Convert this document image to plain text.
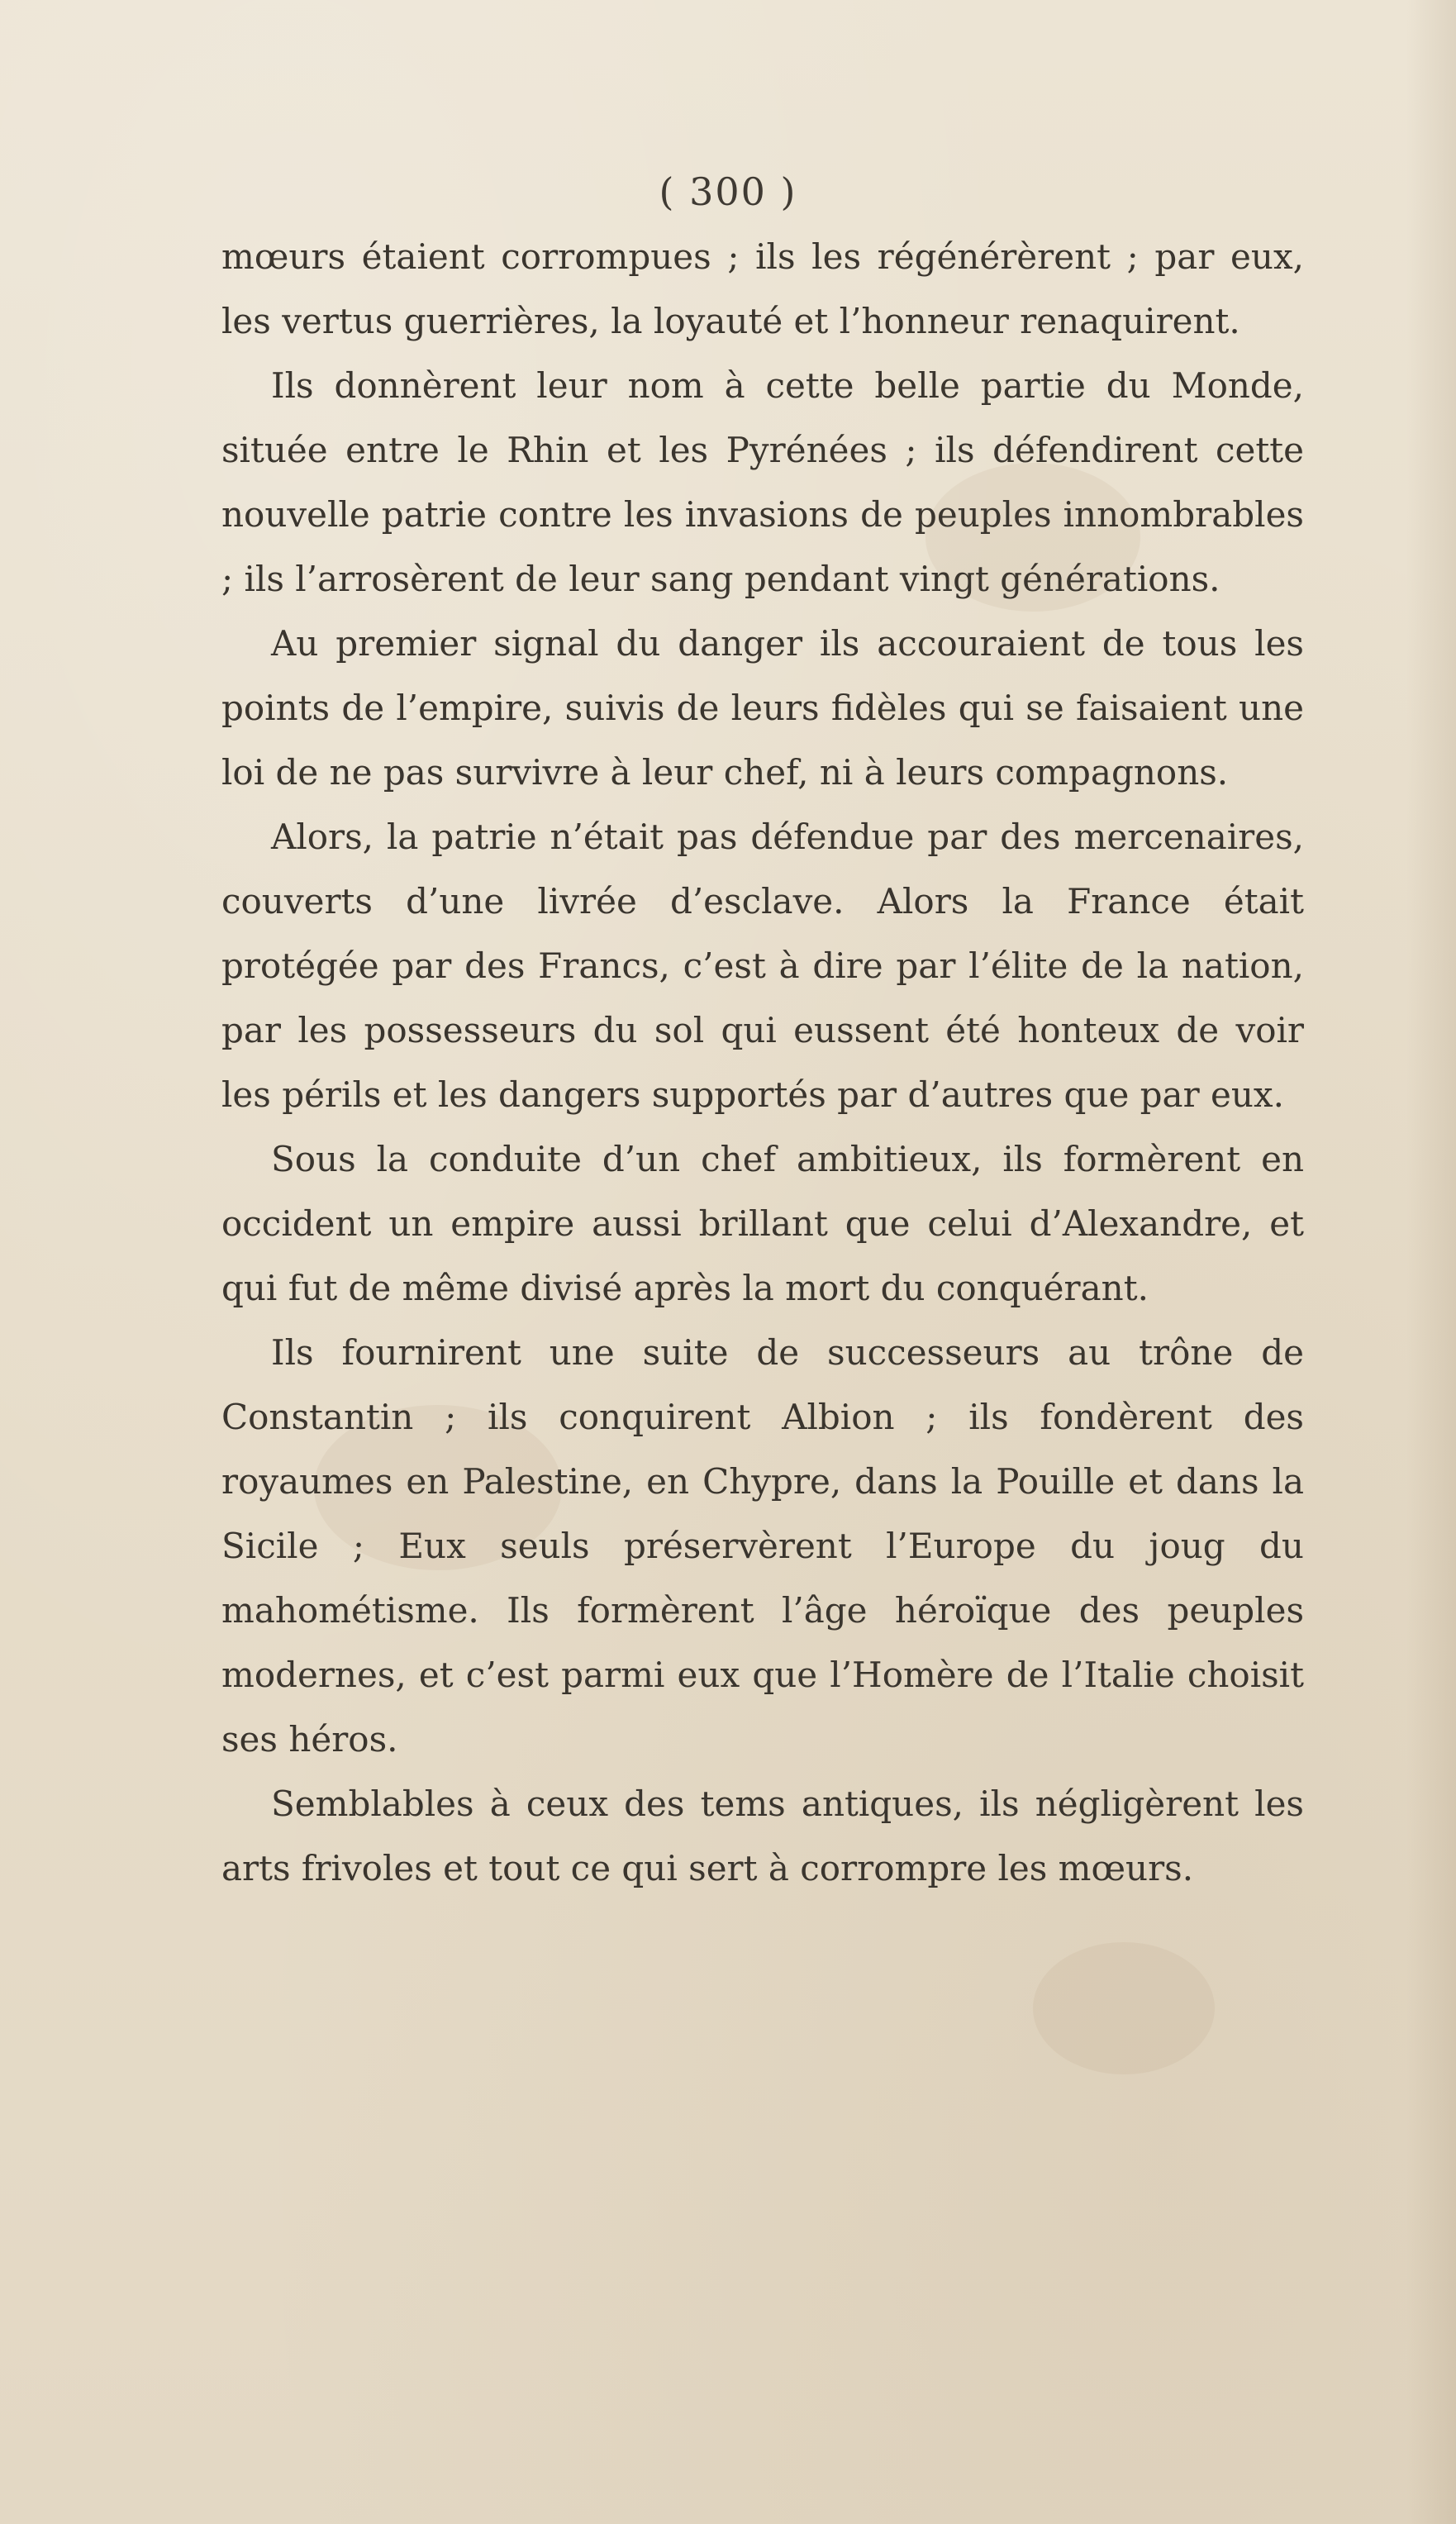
( 300 )

mœurs étaient corrompues ; ils les régénérèrent ; par eux, les vertus guerrières, la loyauté et l’honneur renaquirent.

Ils donnèrent leur nom à cette belle partie du Monde, située entre le Rhin et les Pyrénées ; ils défendirent cette nouvelle patrie contre les invasions de peuples innombrables ; ils l’arrosèrent de leur sang pendant vingt générations.

Au premier signal du danger ils accouraient de tous les points de l’empire, suivis de leurs fidèles qui se faisaient une loi de ne pas survivre à leur chef, ni à leurs compagnons.

Alors, la patrie n’était pas défendue par des mercenaires, couverts d’une livrée d’esclave. Alors la France était protégée par des Francs, c’est à dire par l’élite de la nation, par les possesseurs du sol qui eussent été honteux de voir les périls et les dangers supportés par d’autres que par eux.

Sous la conduite d’un chef ambitieux, ils formèrent en occident un empire aussi brillant que celui d’Alexandre, et qui fut de même divisé après la mort du conquérant.

Ils fournirent une suite de successeurs au trône de Constantin ; ils conquirent Albion ; ils fondèrent des royaumes en Palestine, en Chypre, dans la Pouille et dans la Sicile ; Eux seuls préservèrent l’Europe du joug du mahométisme. Ils formèrent l’âge héroïque des peuples modernes, et c’est parmi eux que l’Homère de l’Italie choisit ses héros.

Semblables à ceux des tems antiques, ils négligèrent les arts frivoles et tout ce qui sert à corrompre les mœurs.
